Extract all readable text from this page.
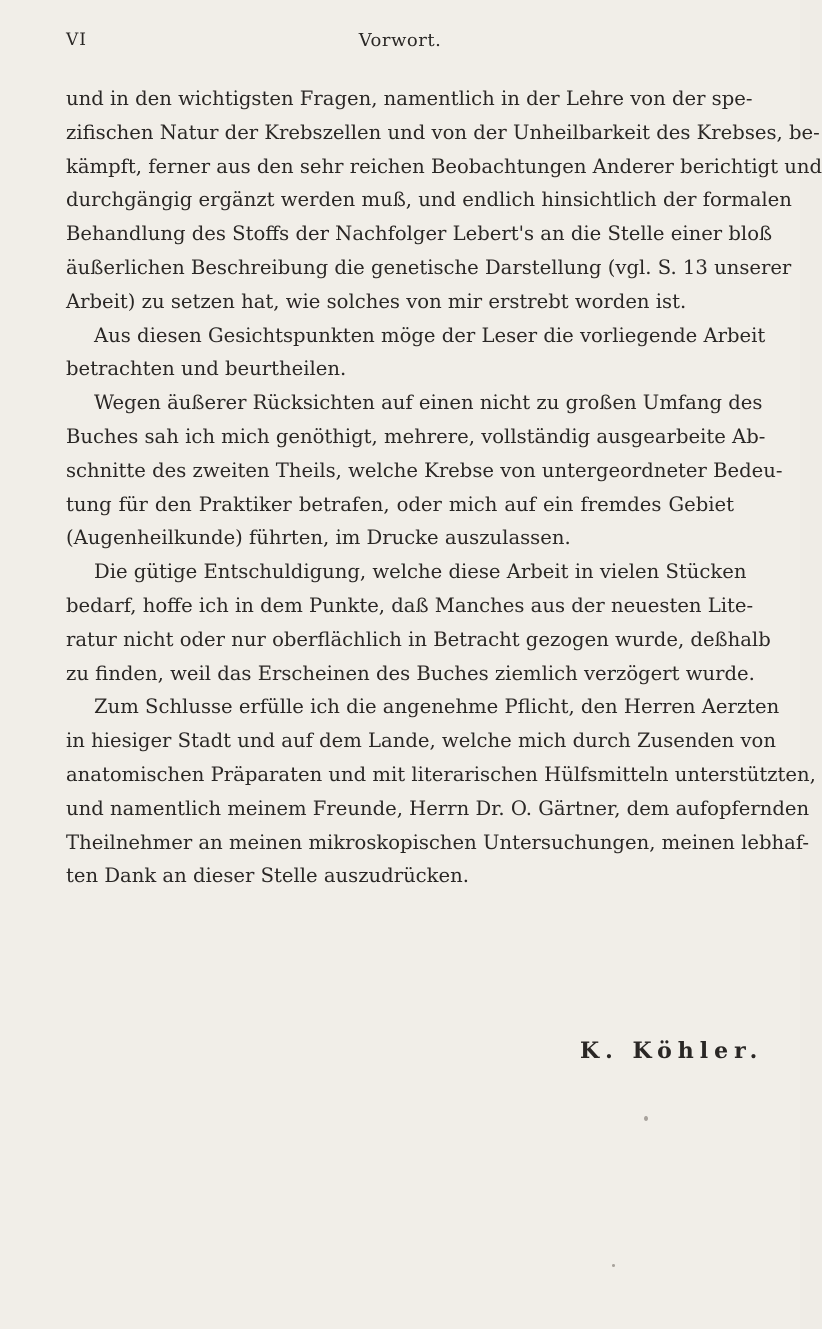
VI	Vorwort.
und in den wichtigsten Fragen, namentlich in der Lehre von der spe-
zifischen Natur der Krebszellen und von der Unheilbarkeit des Krebses, be-
kämpft, ferner aus den sehr reichen Beobachtungen Anderer berichtigt und
durchgängig ergänzt werden muß, und endlich hinsichtlich der formalen
Behandlung des Stoffs der Nachfolger Lebert's an die Stelle einer bloß
äußerlichen Beschreibung die genetische Darstellung (vgl. S. 13 unserer
Arbeit) zu setzen hat, wie solches von mir erstrebt worden ist.
Aus diesen Gesichtspunkten möge der Leser die vorliegende Arbeit
betrachten und beurtheilen.
Wegen äußerer Rücksichten auf einen nicht zu großen Umfang des
Buches sah ich mich genöthigt, mehrere, vollständig ausgearbeite Ab-
schnitte des zweiten Theils, welche Krebse von untergeordneter Bedeu-
tung für den Praktiker betrafen, oder mich auf ein fremdes Gebiet
(Augenheilkunde) führten, im Drucke auszulassen.
Die gütige Entschuldigung, welche diese Arbeit in vielen Stücken
bedarf, hoffe ich in dem Punkte, daß Manches aus der neuesten Lite-
ratur nicht oder nur oberflächlich in Betracht gezogen wurde, deßhalb
zu finden, weil das Erscheinen des Buches ziemlich verzögert wurde.
Zum Schlusse erfülle ich die angenehme Pflicht, den Herren Aerzten
in hiesiger Stadt und auf dem Lande, welche mich durch Zusenden von
anatomischen Präparaten und mit literarischen Hülfsmitteln unterstützten,
und namentlich meinem Freunde, Herrn Dr. O. Gärtner, dem aufopfernden
Theilnehmer an meinen mikroskopischen Untersuchungen, meinen lebhaf-
ten Dank an dieser Stelle auszudrücken.
K. Köhler.
